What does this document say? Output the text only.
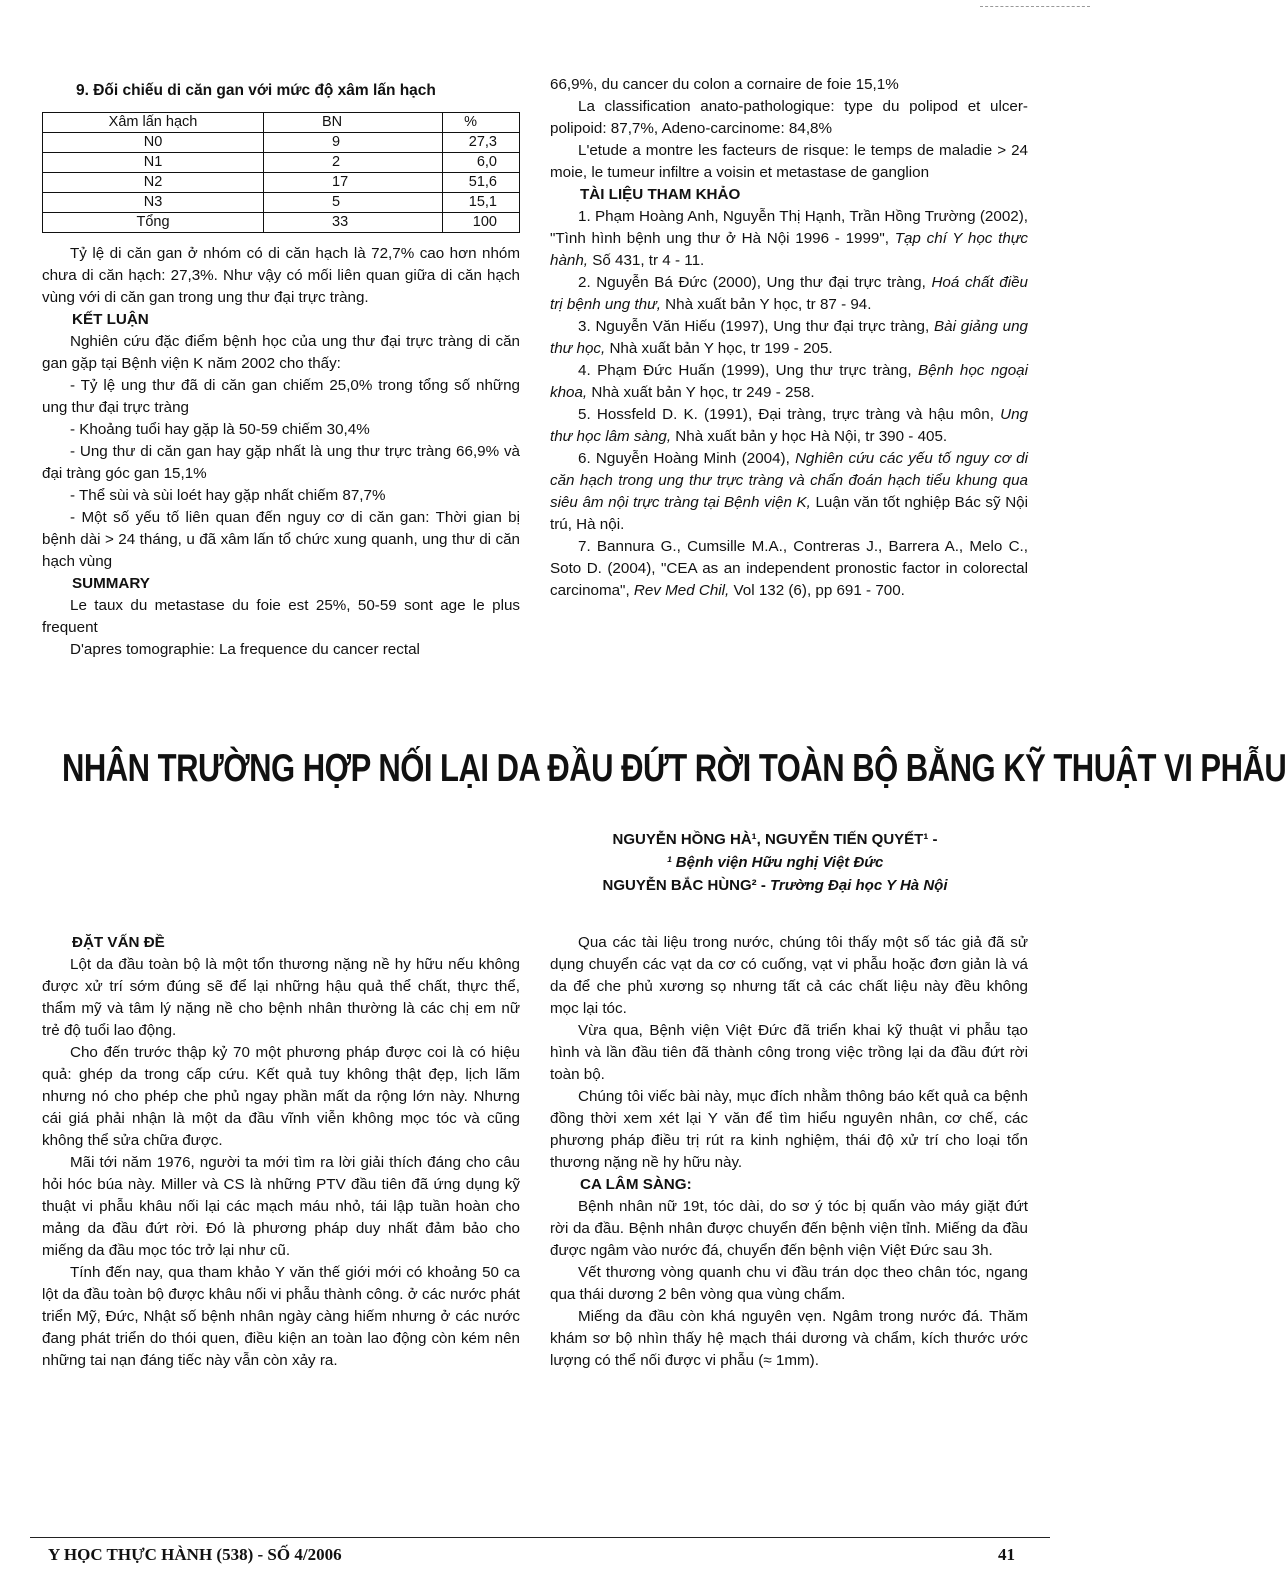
9. Đối chiếu di căn gan với mức độ xâm lấn hạch

Xâm lấn hạch	BN	%
N0	9	27,3
N1	2	6,0
N2	17	51,6
N3	5	15,1
Tổng	33	100

Tỷ lệ di căn gan ở nhóm có di căn hạch là 72,7% cao hơn nhóm chưa di căn hạch: 27,3%. Như vậy có mối liên quan giữa di căn hạch vùng với di căn gan trong ung thư đại trực tràng.

KẾT LUẬN

Nghiên cứu đặc điểm bệnh học của ung thư đại trực tràng di căn gan gặp tại Bệnh viện K năm 2002 cho thấy:

- Tỷ lệ ung thư đã di căn gan chiếm 25,0% trong tổng số những ung thư đại trực tràng

- Khoảng tuổi hay gặp là 50-59 chiếm 30,4%

- Ung thư di căn gan hay gặp nhất là ung thư trực tràng 66,9% và đại tràng góc gan 15,1%

- Thể sùi và sùi loét hay gặp nhất chiếm 87,7%

- Một số yếu tố liên quan đến nguy cơ di căn gan: Thời gian bị bệnh dài > 24 tháng, u đã xâm lấn tổ chức xung quanh, ung thư di căn hạch vùng

SUMMARY

Le taux du metastase du foie est 25%, 50-59 sont age le plus frequent

D'apres tomographie: La frequence du cancer rectal

66,9%, du cancer du colon a cornaire de foie 15,1%

La classification anato-pathologique: type du polipod et ulcer-polipoid: 87,7%, Adeno-carcinome: 84,8%

L'etude a montre les facteurs de risque: le temps de maladie > 24 moie, le tumeur infiltre a voisin et metastase de ganglion

TÀI LIỆU THAM KHẢO

1. Phạm Hoàng Anh, Nguyễn Thị Hạnh, Trần Hồng Trường (2002), "Tình hình bệnh ung thư ở Hà Nội 1996 - 1999", Tạp chí Y học thực hành, Số 431, tr 4 - 11.

2. Nguyễn Bá Đức (2000), Ung thư đại trực tràng, Hoá chất điều trị bệnh ung thư, Nhà xuất bản Y học, tr 87 - 94.

3. Nguyễn Văn Hiếu (1997), Ung thư đại trực tràng, Bài giảng ung thư học, Nhà xuất bản Y học, tr 199 - 205.

4. Phạm Đức Huấn (1999), Ung thư trực tràng, Bệnh học ngoại khoa, Nhà xuất bản Y học, tr 249 - 258.

5. Hossfeld D. K. (1991), Đại tràng, trực tràng và hậu môn, Ung thư học lâm sàng, Nhà xuất bản y học Hà Nội, tr 390 - 405.

6. Nguyễn Hoàng Minh (2004), Nghiên cứu các yếu tố nguy cơ di căn hạch trong ung thư trực tràng và chẩn đoán hạch tiểu khung qua siêu âm nội trực tràng tại Bệnh viện K, Luận văn tốt nghiệp Bác sỹ Nội trú, Hà nội.

7. Bannura G., Cumsille M.A., Contreras J., Barrera A., Melo C., Soto D. (2004), "CEA as an independent pronostic factor in colorectal carcinoma", Rev Med Chil, Vol 132 (6), pp 691 - 700.

NHÂN TRƯỜNG HỢP NỐI LẠI DA ĐẦU ĐỨT RỜI TOÀN BỘ BẰNG KỸ THUẬT VI PHẪU
NGUYỄN HỒNG HÀ¹, NGUYỄN TIẾN QUYẾT¹ -
¹ Bệnh viện Hữu nghị Việt Đức
NGUYỄN BẮC HÙNG² - Trường Đại học Y Hà Nội

ĐẶT VẤN ĐỀ

Lột da đầu toàn bộ là một tổn thương nặng nề hy hữu nếu không được xử trí sớm đúng sẽ để lại những hậu quả thể chất, thực thể, thẩm mỹ và tâm lý nặng nề cho bệnh nhân thường là các chị em nữ trẻ độ tuổi lao động.

Cho đến trước thập kỷ 70 một phương pháp được coi là có hiệu quả: ghép da trong cấp cứu. Kết quả tuy không thật đẹp, lịch lãm nhưng nó cho phép che phủ ngay phần mất da rộng lớn này. Nhưng cái giá phải nhận là một da đầu vĩnh viễn không mọc tóc và cũng không thể sửa chữa được.

Mãi tới năm 1976, người ta mới tìm ra lời giải thích đáng cho câu hỏi hóc búa này. Miller và CS là những PTV đầu tiên đã ứng dụng kỹ thuật vi phẫu khâu nối lại các mạch máu nhỏ, tái lập tuần hoàn cho mảng da đầu đứt rời. Đó là phương pháp duy nhất đảm bảo cho miếng da đầu mọc tóc trở lại như cũ.

Tính đến nay, qua tham khảo Y văn thế giới mới có khoảng 50 ca lột da đầu toàn bộ được khâu nối vi phẫu thành công. ở các nước phát triển Mỹ, Đức, Nhật số bệnh nhân ngày càng hiếm nhưng ở các nước đang phát triển do thói quen, điều kiện an toàn lao động còn kém nên những tai nạn đáng tiếc này vẫn còn xảy ra.

Qua các tài liệu trong nước, chúng tôi thấy một số tác giả đã sử dụng chuyển các vạt da cơ có cuống, vạt vi phẫu hoặc đơn giản là vá da để che phủ xương sọ nhưng tất cả các chất liệu này đều không mọc lại tóc.

Vừa qua, Bệnh viện Việt Đức đã triển khai kỹ thuật vi phẫu tạo hình và lần đầu tiên đã thành công trong việc trồng lại da đầu đứt rời toàn bộ.

Chúng tôi viếc bài này, mục đích nhằm thông báo kết quả ca bệnh đồng thời xem xét lại Y văn để tìm hiểu nguyên nhân, cơ chế, các phương pháp điều trị rút ra kinh nghiệm, thái độ xử trí cho loại tổn thương nặng nề hy hữu này.

CA LÂM SÀNG:

Bệnh nhân nữ 19t, tóc dài, do sơ ý tóc bị quấn vào máy giặt đứt rời da đầu. Bệnh nhân được chuyển đến bệnh viện tỉnh. Miếng da đầu được ngâm vào nước đá, chuyển đến bệnh viện Việt Đức sau 3h.

Vết thương vòng quanh chu vi đầu trán dọc theo chân tóc, ngang qua thái dương 2 bên vòng qua vùng chẩm.

Miếng da đầu còn khá nguyên vẹn. Ngâm trong nước đá. Thăm khám sơ bộ nhìn thấy hệ mạch thái dương và chẩm, kích thước ước lượng có thể nối được vi phẫu (≈ 1mm).

Y HỌC THỰC HÀNH (538) - SỐ 4/2006	41
